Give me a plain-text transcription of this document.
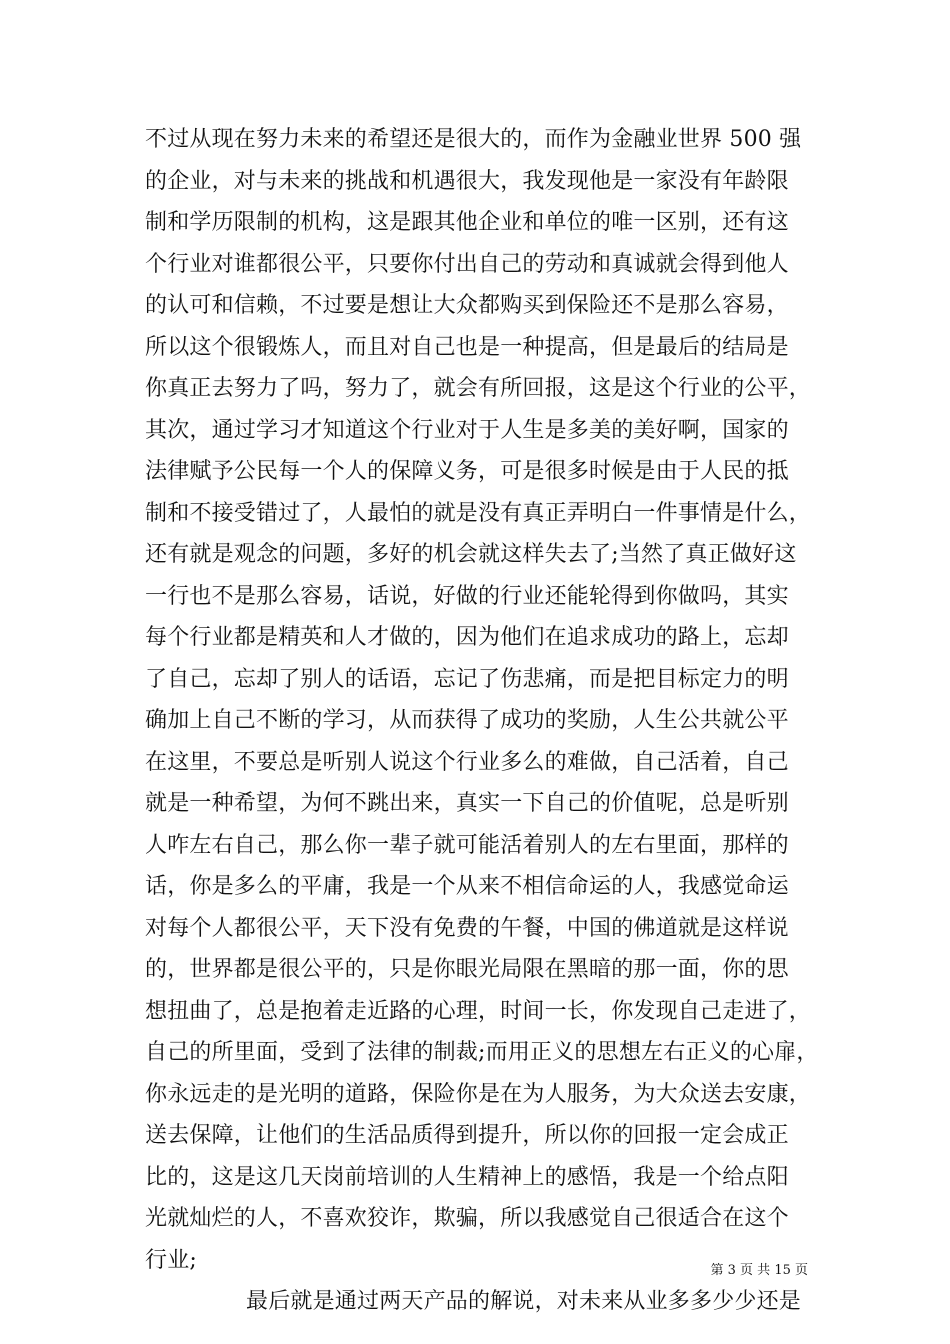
不过从现在努力未来的希望还是很大的，而作为金融业世界 500 强
的企业，对与未来的挑战和机遇很大，我发现他是一家没有年龄限
制和学历限制的机构，这是跟其他企业和单位的唯一区别，还有这
个行业对谁都很公平，只要你付出自己的劳动和真诚就会得到他人
的认可和信赖，不过要是想让大众都购买到保险还不是那么容易，
所以这个很锻炼人，而且对自己也是一种提高，但是最后的结局是
你真正去努力了吗，努力了，就会有所回报，这是这个行业的公平，
其次，通过学习才知道这个行业对于人生是多美的美好啊，国家的
法律赋予公民每一个人的保障义务，可是很多时候是由于人民的抵
制和不接受错过了，人最怕的就是没有真正弄明白一件事情是什么，
还有就是观念的问题，多好的机会就这样失去了;当然了真正做好这
一行也不是那么容易，话说，好做的行业还能轮得到你做吗，其实
每个行业都是精英和人才做的，因为他们在追求成功的路上，忘却
了自己，忘却了别人的话语，忘记了伤悲痛，而是把目标定力的明
确加上自己不断的学习，从而获得了成功的奖励，人生公共就公平
在这里，不要总是听别人说这个行业多么的难做，自己活着，自己
就是一种希望，为何不跳出来，真实一下自己的价值呢，总是听别
人咋左右自己，那么你一辈子就可能活着别人的左右里面，那样的
话，你是多么的平庸，我是一个从来不相信命运的人，我感觉命运
对每个人都很公平，天下没有免费的午餐，中国的佛道就是这样说
的，世界都是很公平的，只是你眼光局限在黑暗的那一面，你的思
想扭曲了，总是抱着走近路的心理，时间一长，你发现自己走进了，
自己的所里面，受到了法律的制裁;而用正义的思想左右正义的心扉，
你永远走的是光明的道路，保险你是在为人服务，为大众送去安康，
送去保障，让他们的生活品质得到提升，所以你的回报一定会成正
比的，这是这几天岗前培训的人生精神上的感悟，我是一个给点阳
光就灿烂的人，不喜欢狡诈，欺骗，所以我感觉自己很适合在这个
行业;
最后就是通过两天产品的解说，对未来从业多多少少还是
第 3 页 共 15 页
